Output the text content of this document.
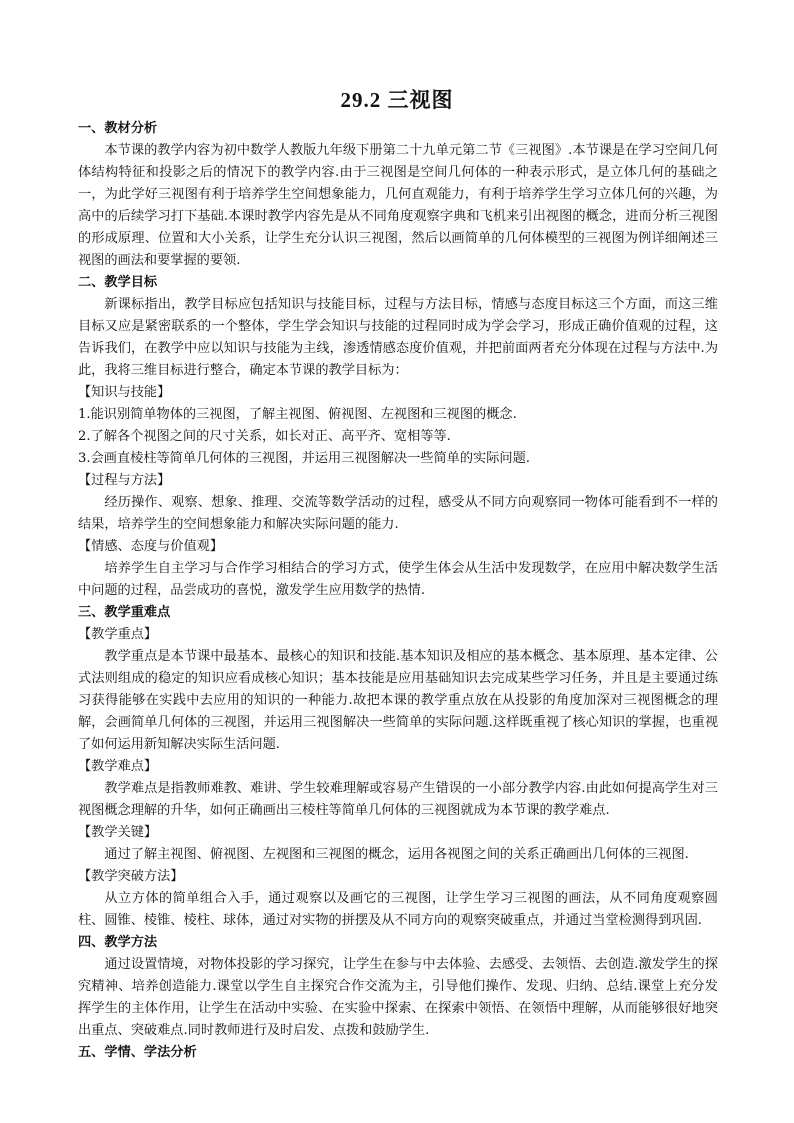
29.2 三视图

一、教材分析

本节课的教学内容为初中数学人教版九年级下册第二十九单元第二节《三视图》.本节课是在学习空间几何体结构特征和投影之后的情况下的教学内容.由于三视图是空间几何体的一种表示形式，是立体几何的基础之一，为此学好三视图有利于培养学生空间想象能力，几何直观能力，有利于培养学生学习立体几何的兴趣，为高中的后续学习打下基础.本课时教学内容先是从不同角度观察字典和飞机来引出视图的概念，进而分析三视图的形成原理、位置和大小关系，让学生充分认识三视图，然后以画简单的几何体模型的三视图为例详细阐述三视图的画法和要掌握的要领.

二、教学目标

新课标指出，教学目标应包括知识与技能目标，过程与方法目标，情感与态度目标这三个方面，而这三维目标又应是紧密联系的一个整体，学生学会知识与技能的过程同时成为学会学习，形成正确价值观的过程，这告诉我们，在教学中应以知识与技能为主线，渗透情感态度价值观，并把前面两者充分体现在过程与方法中.为此，我将三维目标进行整合，确定本节课的教学目标为：

【知识与技能】

1.能识别简单物体的三视图，了解主视图、俯视图、左视图和三视图的概念.

2.了解各个视图之间的尺寸关系，如长对正、高平齐、宽相等等.

3.会画直棱柱等简单几何体的三视图，并运用三视图解决一些简单的实际问题.

【过程与方法】

经历操作、观察、想象、推理、交流等数学活动的过程，感受从不同方向观察同一物体可能看到不一样的结果，培养学生的空间想象能力和解决实际问题的能力.

【情感、态度与价值观】

培养学生自主学习与合作学习相结合的学习方式，使学生体会从生活中发现数学，在应用中解决数学生活中问题的过程，品尝成功的喜悦，激发学生应用数学的热情.

三、教学重难点

【教学重点】

教学重点是本节课中最基本、最核心的知识和技能.基本知识及相应的基本概念、基本原理、基本定律、公式法则组成的稳定的知识应看成核心知识；基本技能是应用基础知识去完成某些学习任务，并且是主要通过练习获得能够在实践中去应用的知识的一种能力.故把本课的教学重点放在从投影的角度加深对三视图概念的理解，会画简单几何体的三视图，并运用三视图解决一些简单的实际问题.这样既重视了核心知识的掌握，也重视了如何运用新知解决实际生活问题.

【教学难点】

教学难点是指教师难教、难讲、学生较难理解或容易产生错误的一小部分教学内容.由此如何提高学生对三视图概念理解的升华，如何正确画出三棱柱等简单几何体的三视图就成为本节课的教学难点.

【教学关键】

通过了解主视图、俯视图、左视图和三视图的概念，运用各视图之间的关系正确画出几何体的三视图.

【教学突破方法】

从立方体的简单组合入手，通过观察以及画它的三视图，让学生学习三视图的画法，从不同角度观察圆柱、圆锥、棱锥、棱柱、球体，通过对实物的拼摆及从不同方向的观察突破重点，并通过当堂检测得到巩固.

四、教学方法

通过设置情境，对物体投影的学习探究，让学生在参与中去体验、去感受、去领悟、去创造.激发学生的探究精神、培养创造能力.课堂以学生自主探究合作交流为主，引导他们操作、发现、归纳、总结.课堂上充分发挥学生的主体作用，让学生在活动中实验、在实验中探索、在探索中领悟、在领悟中理解，从而能够很好地突出重点、突破难点.同时教师进行及时启发、点拨和鼓励学生.

五、学情、学法分析
